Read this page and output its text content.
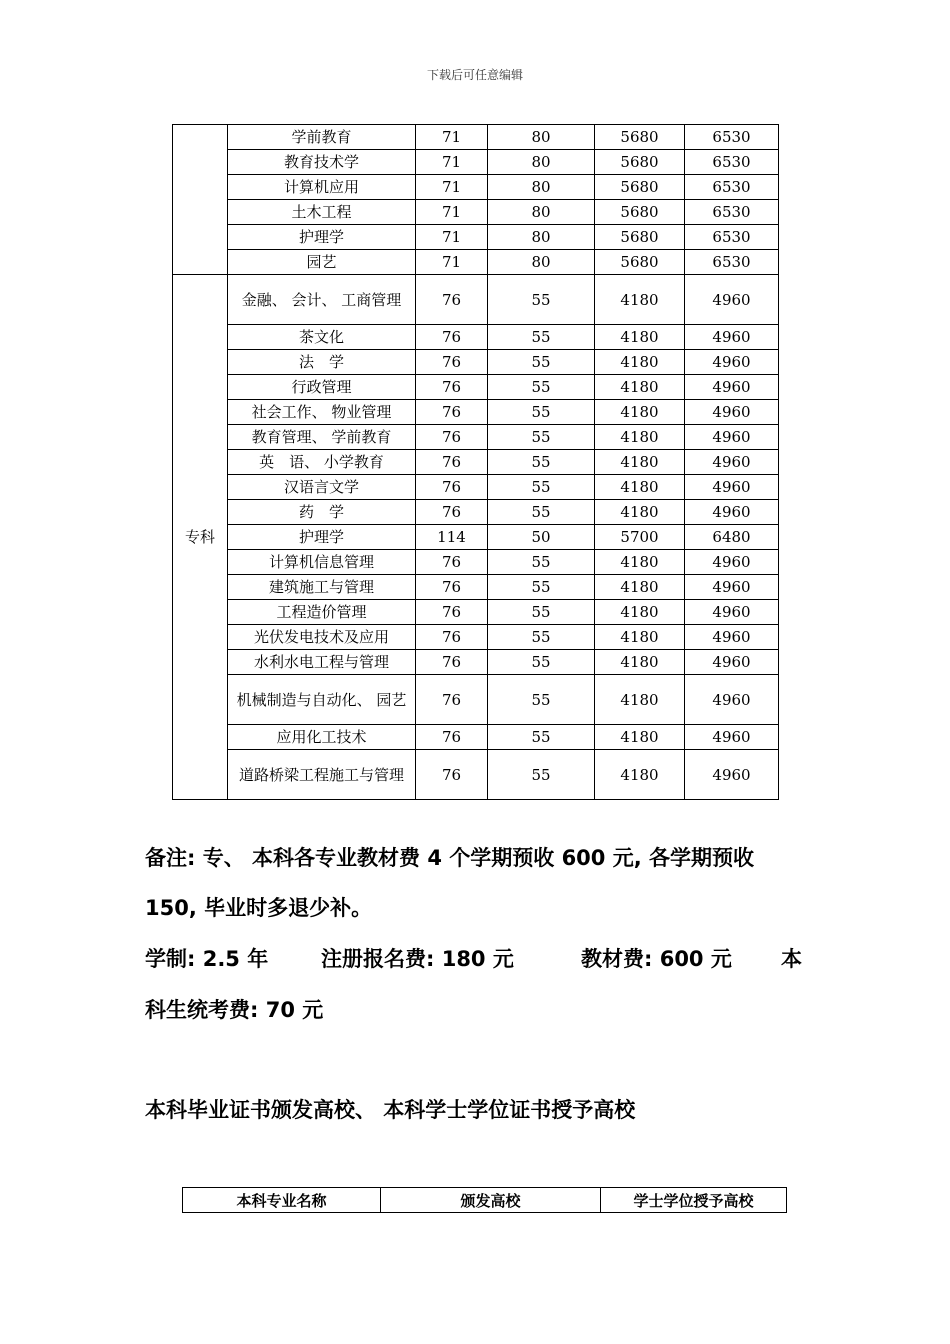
下载后可任意编辑
	学前教育	71	80	5680	6530
	教育技术学	71	80	5680	6530
	计算机应用	71	80	5680	6530
	土木工程	71	80	5680	6530
	护理学	71	80	5680	6530
	园艺	71	80	5680	6530
专科	金融、 会计、 工商管理	76	55	4180	4960
	茶文化	76	55	4180	4960
	法　学	76	55	4180	4960
	行政管理	76	55	4180	4960
	社会工作、 物业管理	76	55	4180	4960
	教育管理、 学前教育	76	55	4180	4960
	英　语、 小学教育	76	55	4180	4960
	汉语言文学	76	55	4180	4960
	药　学	76	55	4180	4960
	护理学	114	50	5700	6480
	计算机信息管理	76	55	4180	4960
	建筑施工与管理	76	55	4180	4960
	工程造价管理	76	55	4180	4960
	光伏发电技术及应用	76	55	4180	4960
	水利水电工程与管理	76	55	4180	4960
	机械制造与自动化、 园艺	76	55	4180	4960
	应用化工技术	76	55	4180	4960
	道路桥梁工程施工与管理	76	55	4180	4960
备注: 专、 本科各专业教材费 4 个学期预收 600 元, 各学期预收
150, 毕业时多退少补。
学制: 2.5 年	注册报名费: 180 元	教材费: 600 元 本
科生统考费: 70 元
本科毕业证书颁发高校、 本科学士学位证书授予高校
本科专业名称	颁发高校	学士学位授予高校
